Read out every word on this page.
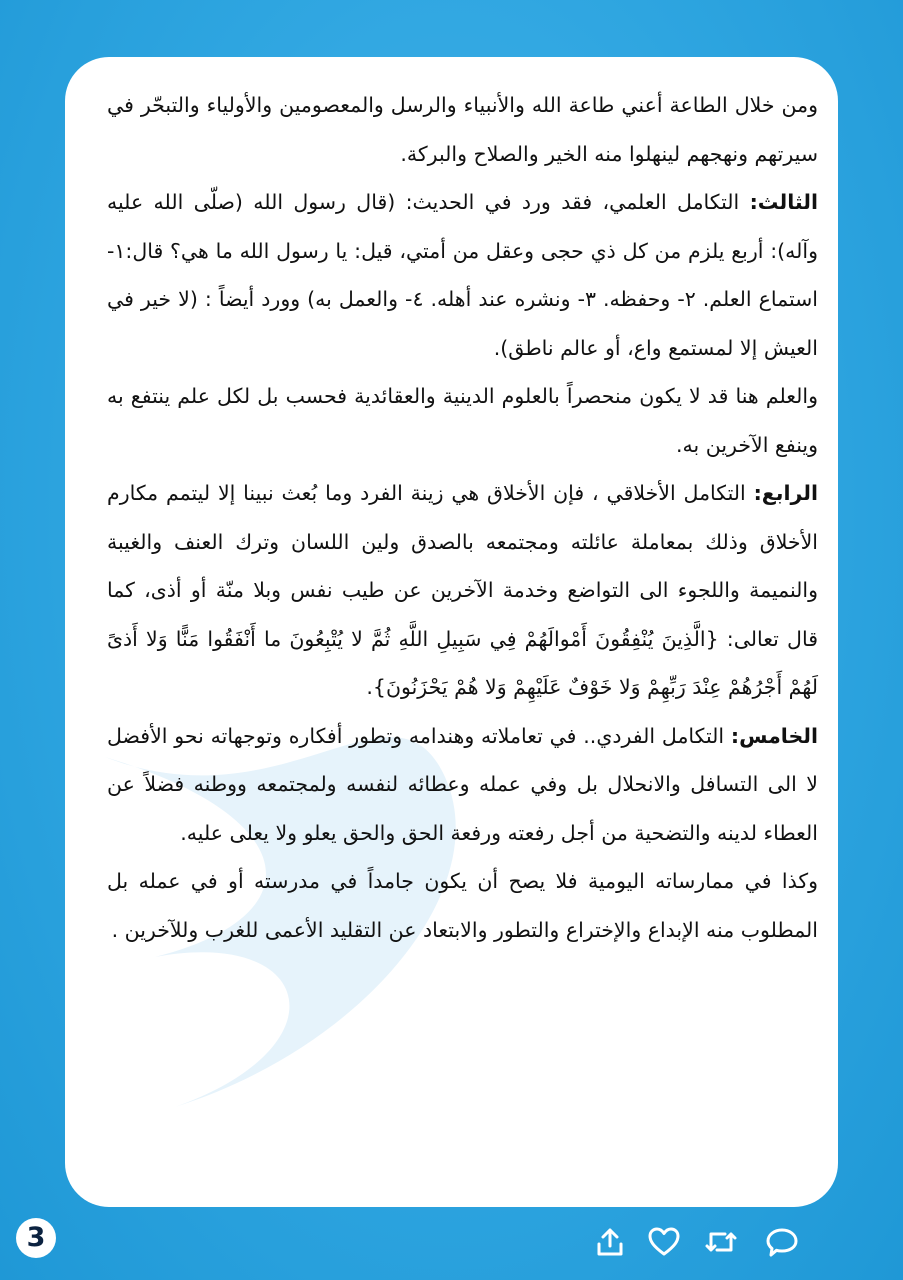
ومن خلال الطاعة أعني طاعة الله والأنبياء والرسل والمعصومين والأولياء والتبحّر في سيرتهم ونهجهم لينهلوا منه الخير والصلاح والبركة.

الثالث: التكامل العلمي، فقد ورد في الحديث: (قال رسول الله (صلّى الله عليه وآله): أربع يلزم من كل ذي حجى وعقل من أمتي، قيل: يا رسول الله ما هي؟ قال:١- استماع العلم. ٢- وحفظه. ٣- ونشره عند أهله. ٤- والعمل به) وورد أيضاً : (لا خير في العيش إلا لمستمع واع، أو عالم ناطق).

والعلم هنا قد لا يكون منحصراً بالعلوم الدينية والعقائدية فحسب بل لكل علم ينتفع به وينفع الآخرين به.

الرابع: التكامل الأخلاقي ، فإن الأخلاق هي زينة الفرد وما بُعث نبينا إلا ليتمم مكارم الأخلاق وذلك بمعاملة عائلته ومجتمعه بالصدق ولين اللسان وترك العنف والغيبة والنميمة واللجوء الى التواضع وخدمة الآخرين عن طيب نفس وبلا منّة أو أذى، كما قال تعالى: {الَّذِينَ يُنْفِقُونَ أَمْوالَهُمْ فِي سَبِيلِ اللَّهِ ثُمَّ لا يُتْبِعُونَ ما أَنْفَقُوا مَنًّا وَلا أَذىً لَهُمْ أَجْرُهُمْ عِنْدَ رَبِّهِمْ وَلا خَوْفٌ عَلَيْهِمْ وَلا هُمْ يَحْزَنُونَ}.

الخامس: التكامل الفردي.. في تعاملاته وهندامه وتطور أفكاره وتوجهاته نحو الأفضل لا الى التسافل والانحلال بل وفي عمله وعطائه لنفسه ولمجتمعه ووطنه فضلاً عن العطاء لدينه والتضحية من أجل رفعته ورفعة الحق والحق يعلو ولا يعلى عليه.

وكذا في ممارساته اليومية فلا يصح أن يكون جامداً في مدرسته أو في عمله بل المطلوب منه الإبداع والإختراع والتطور والابتعاد عن التقليد الأعمى للغرب وللآخرين .

3
